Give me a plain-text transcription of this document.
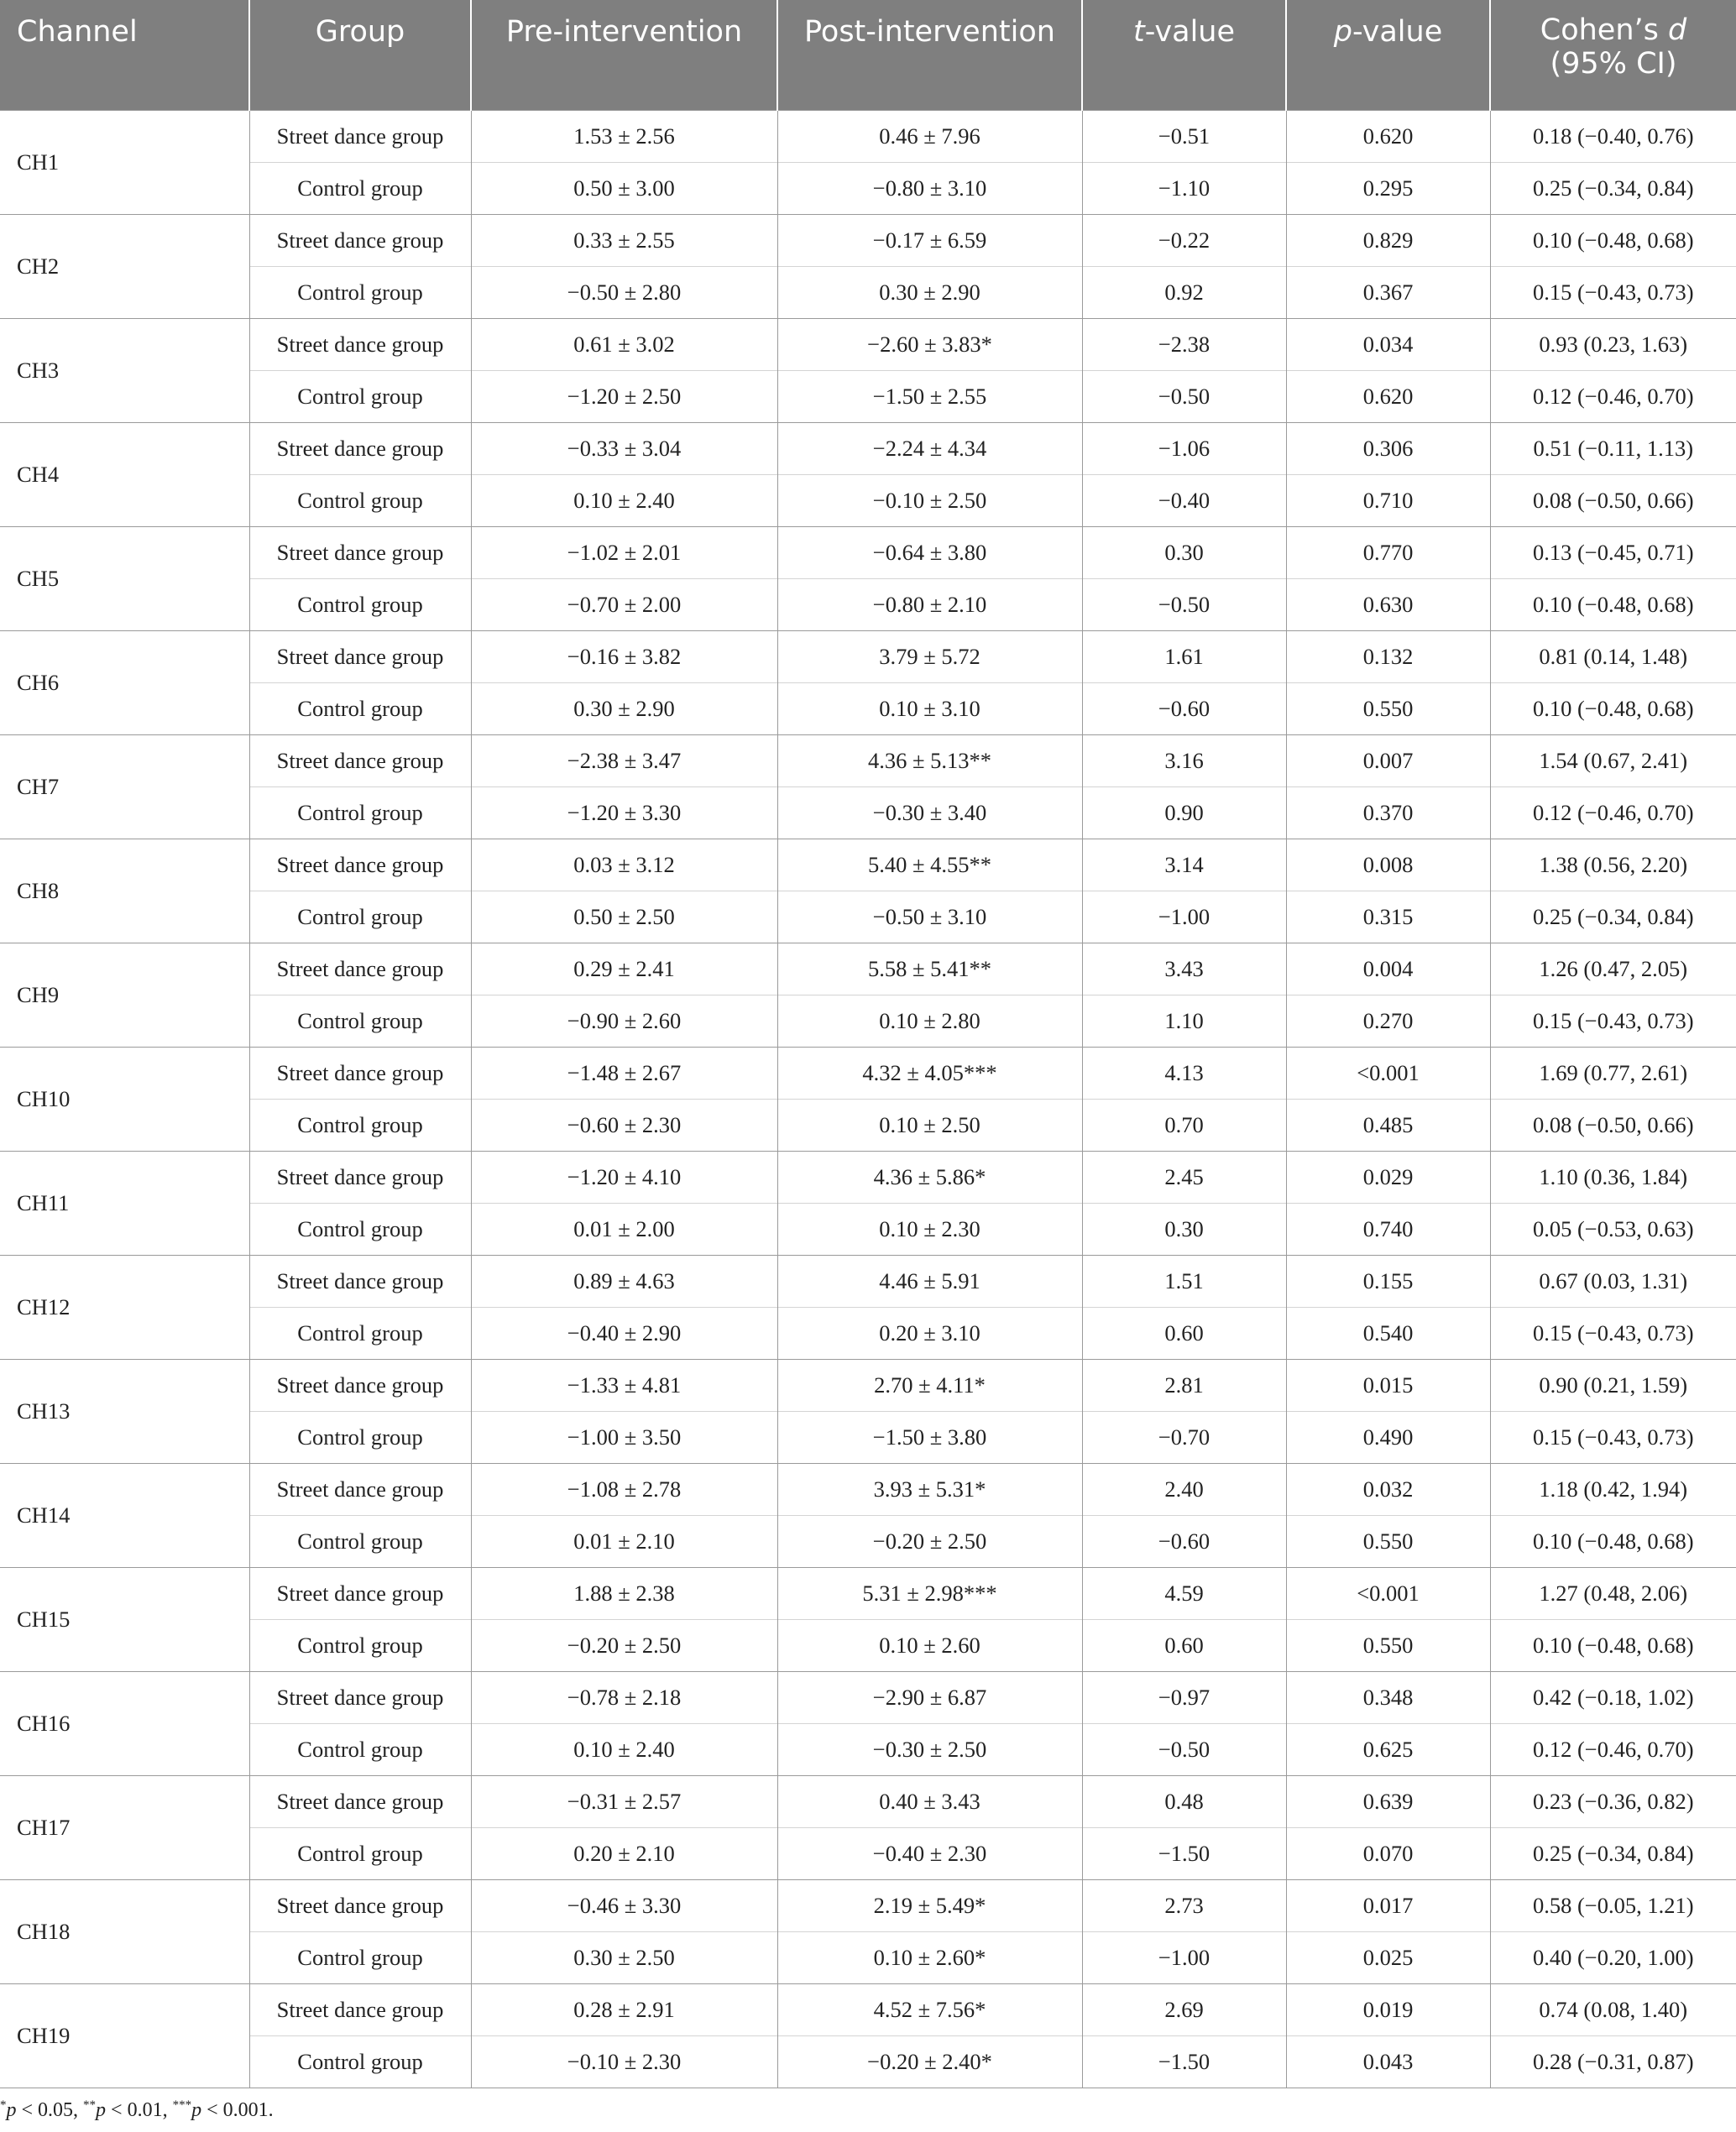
Channel	Group	Pre-intervention	Post-intervention	t-value	p-value	Cohen’s d
(95% CI)
CH1	Street dance group	1.53 ± 2.56	0.46 ± 7.96	−0.51	0.620	0.18 (−0.40, 0.76)
	Control group	0.50 ± 3.00	−0.80 ± 3.10	−1.10	0.295	0.25 (−0.34, 0.84)
CH2	Street dance group	0.33 ± 2.55	−0.17 ± 6.59	−0.22	0.829	0.10 (−0.48, 0.68)
	Control group	−0.50 ± 2.80	0.30 ± 2.90	0.92	0.367	0.15 (−0.43, 0.73)
CH3	Street dance group	0.61 ± 3.02	−2.60 ± 3.83*	−2.38	0.034	0.93 (0.23, 1.63)
	Control group	−1.20 ± 2.50	−1.50 ± 2.55	−0.50	0.620	0.12 (−0.46, 0.70)
CH4	Street dance group	−0.33 ± 3.04	−2.24 ± 4.34	−1.06	0.306	0.51 (−0.11, 1.13)
	Control group	0.10 ± 2.40	−0.10 ± 2.50	−0.40	0.710	0.08 (−0.50, 0.66)
CH5	Street dance group	−1.02 ± 2.01	−0.64 ± 3.80	0.30	0.770	0.13 (−0.45, 0.71)
	Control group	−0.70 ± 2.00	−0.80 ± 2.10	−0.50	0.630	0.10 (−0.48, 0.68)
CH6	Street dance group	−0.16 ± 3.82	3.79 ± 5.72	1.61	0.132	0.81 (0.14, 1.48)
	Control group	0.30 ± 2.90	0.10 ± 3.10	−0.60	0.550	0.10 (−0.48, 0.68)
CH7	Street dance group	−2.38 ± 3.47	4.36 ± 5.13**	3.16	0.007	1.54 (0.67, 2.41)
	Control group	−1.20 ± 3.30	−0.30 ± 3.40	0.90	0.370	0.12 (−0.46, 0.70)
CH8	Street dance group	0.03 ± 3.12	5.40 ± 4.55**	3.14	0.008	1.38 (0.56, 2.20)
	Control group	0.50 ± 2.50	−0.50 ± 3.10	−1.00	0.315	0.25 (−0.34, 0.84)
CH9	Street dance group	0.29 ± 2.41	5.58 ± 5.41**	3.43	0.004	1.26 (0.47, 2.05)
	Control group	−0.90 ± 2.60	0.10 ± 2.80	1.10	0.270	0.15 (−0.43, 0.73)
CH10	Street dance group	−1.48 ± 2.67	4.32 ± 4.05***	4.13	<0.001	1.69 (0.77, 2.61)
	Control group	−0.60 ± 2.30	0.10 ± 2.50	0.70	0.485	0.08 (−0.50, 0.66)
CH11	Street dance group	−1.20 ± 4.10	4.36 ± 5.86*	2.45	0.029	1.10 (0.36, 1.84)
	Control group	0.01 ± 2.00	0.10 ± 2.30	0.30	0.740	0.05 (−0.53, 0.63)
CH12	Street dance group	0.89 ± 4.63	4.46 ± 5.91	1.51	0.155	0.67 (0.03, 1.31)
	Control group	−0.40 ± 2.90	0.20 ± 3.10	0.60	0.540	0.15 (−0.43, 0.73)
CH13	Street dance group	−1.33 ± 4.81	2.70 ± 4.11*	2.81	0.015	0.90 (0.21, 1.59)
	Control group	−1.00 ± 3.50	−1.50 ± 3.80	−0.70	0.490	0.15 (−0.43, 0.73)
CH14	Street dance group	−1.08 ± 2.78	3.93 ± 5.31*	2.40	0.032	1.18 (0.42, 1.94)
	Control group	0.01 ± 2.10	−0.20 ± 2.50	−0.60	0.550	0.10 (−0.48, 0.68)
CH15	Street dance group	1.88 ± 2.38	5.31 ± 2.98***	4.59	<0.001	1.27 (0.48, 2.06)
	Control group	−0.20 ± 2.50	0.10 ± 2.60	0.60	0.550	0.10 (−0.48, 0.68)
CH16	Street dance group	−0.78 ± 2.18	−2.90 ± 6.87	−0.97	0.348	0.42 (−0.18, 1.02)
	Control group	0.10 ± 2.40	−0.30 ± 2.50	−0.50	0.625	0.12 (−0.46, 0.70)
CH17	Street dance group	−0.31 ± 2.57	0.40 ± 3.43	0.48	0.639	0.23 (−0.36, 0.82)
	Control group	0.20 ± 2.10	−0.40 ± 2.30	−1.50	0.070	0.25 (−0.34, 0.84)
CH18	Street dance group	−0.46 ± 3.30	2.19 ± 5.49*	2.73	0.017	0.58 (−0.05, 1.21)
	Control group	0.30 ± 2.50	0.10 ± 2.60*	−1.00	0.025	0.40 (−0.20, 1.00)
CH19	Street dance group	0.28 ± 2.91	4.52 ± 7.56*	2.69	0.019	0.74 (0.08, 1.40)
	Control group	−0.10 ± 2.30	−0.20 ± 2.40*	−1.50	0.043	0.28 (−0.31, 0.87)
*p < 0.05, **p < 0.01, ***p < 0.001.
